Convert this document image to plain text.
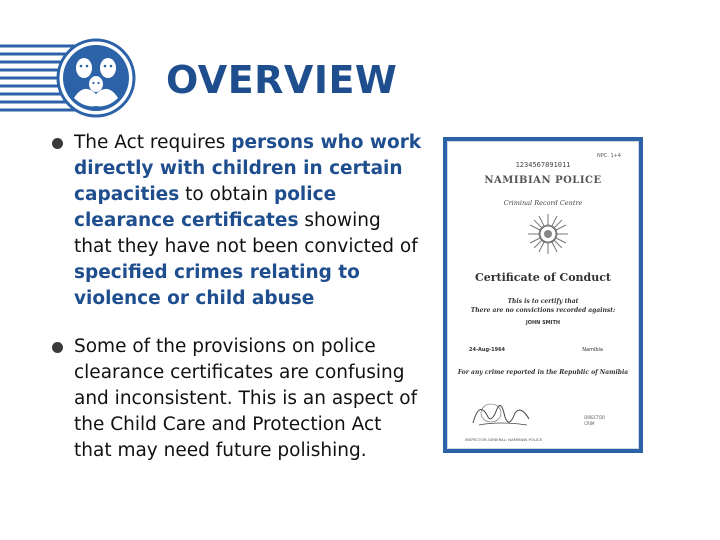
OVERVIEW
The Act requires persons who work directly with children in certain capacities to obtain police clearance certificates showing that they have not been convicted of specified crimes relating to violence or child abuse
Some of the provisions on police clearance certificates are confusing and inconsistent. This is an aspect of the Child Care and Protection Act that may need future polishing.
NPC. 1+4
1234567891011
NAMIBIAN POLICE
Criminal Record Centre
Certificate of Conduct
This is to certify that
There are no convictions recorded against:
JOHN SMITH
24-Aug-1964	Namibia
For any crime reported in the Republic of Namibia
DIRECTOR
CRIM
INSPECTOR-GENERAL: NAMIBIAN POLICE
